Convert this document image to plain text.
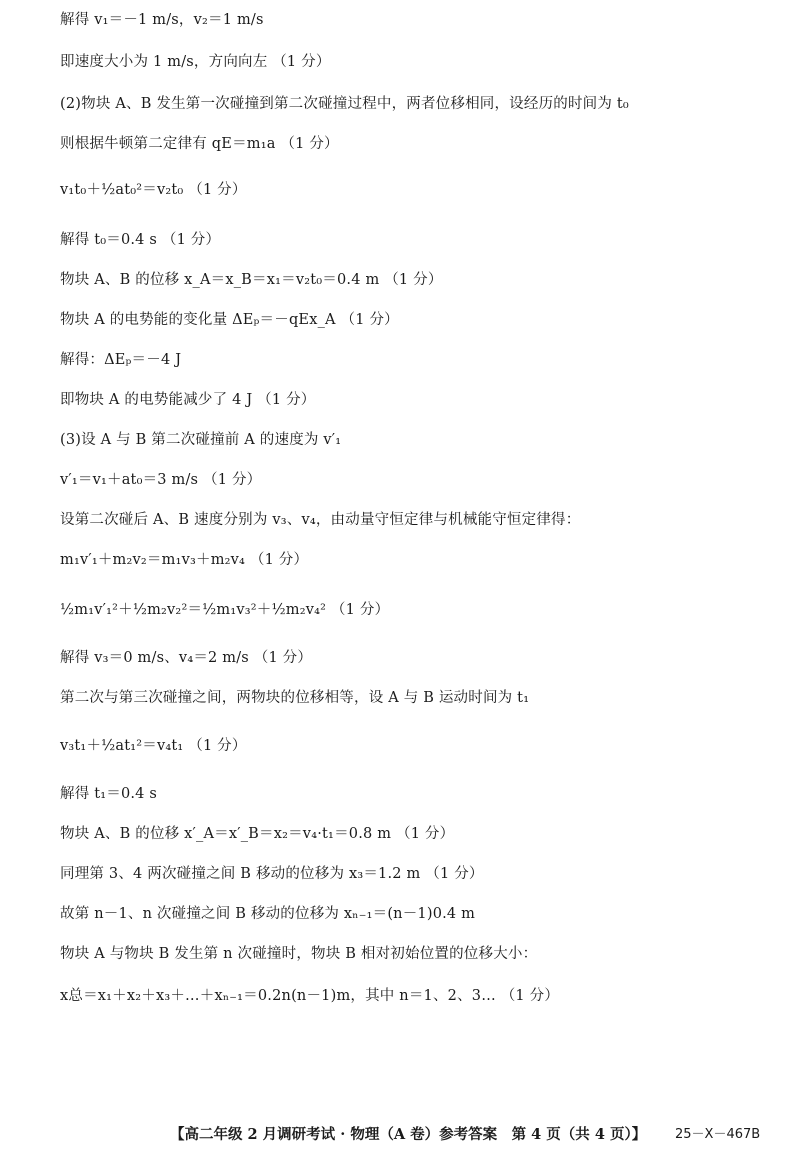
解得 v₁＝－1 m/s，v₂＝1 m/s
即速度大小为 1 m/s，方向向左 （1 分）
(2)物块 A、B 发生第一次碰撞到第二次碰撞过程中，两者位移相同，设经历的时间为 t₀
则根据牛顿第二定律有 qE＝m₁a （1 分）
v₁t₀＋½at₀²＝v₂t₀ （1 分）
解得 t₀＝0.4 s （1 分）
物块 A、B 的位移 x_A＝x_B＝x₁＝v₂t₀＝0.4 m （1 分）
物块 A 的电势能的变化量 ΔEₚ＝－qEx_A （1 分）
解得：ΔEₚ＝－4 J
即物块 A 的电势能减少了 4 J （1 分）
(3)设 A 与 B 第二次碰撞前 A 的速度为 v′₁
v′₁＝v₁＋at₀＝3 m/s （1 分）
设第二次碰后 A、B 速度分别为 v₃、v₄，由动量守恒定律与机械能守恒定律得：
m₁v′₁＋m₂v₂＝m₁v₃＋m₂v₄ （1 分）
½m₁v′₁²＋½m₂v₂²＝½m₁v₃²＋½m₂v₄² （1 分）
解得 v₃＝0 m/s、v₄＝2 m/s （1 分）
第二次与第三次碰撞之间，两物块的位移相等，设 A 与 B 运动时间为 t₁
v₃t₁＋½at₁²＝v₄t₁ （1 分）
解得 t₁＝0.4 s
物块 A、B 的位移 x′_A＝x′_B＝x₂＝v₄·t₁＝0.8 m （1 分）
同理第 3、4 两次碰撞之间 B 移动的位移为 x₃＝1.2 m （1 分）
故第 n－1、n 次碰撞之间 B 移动的位移为 xₙ₋₁＝(n－1)0.4 m
物块 A 与物块 B 发生第 n 次碰撞时，物块 B 相对初始位置的位移大小：
x总＝x₁＋x₂＋x₃＋…＋xₙ₋₁＝0.2n(n－1)m，其中 n＝1、2、3… （1 分）
【高二年级 2 月调研考试 · 物理（A 卷）参考答案　第 4 页（共 4 页）】 25－X－467B
